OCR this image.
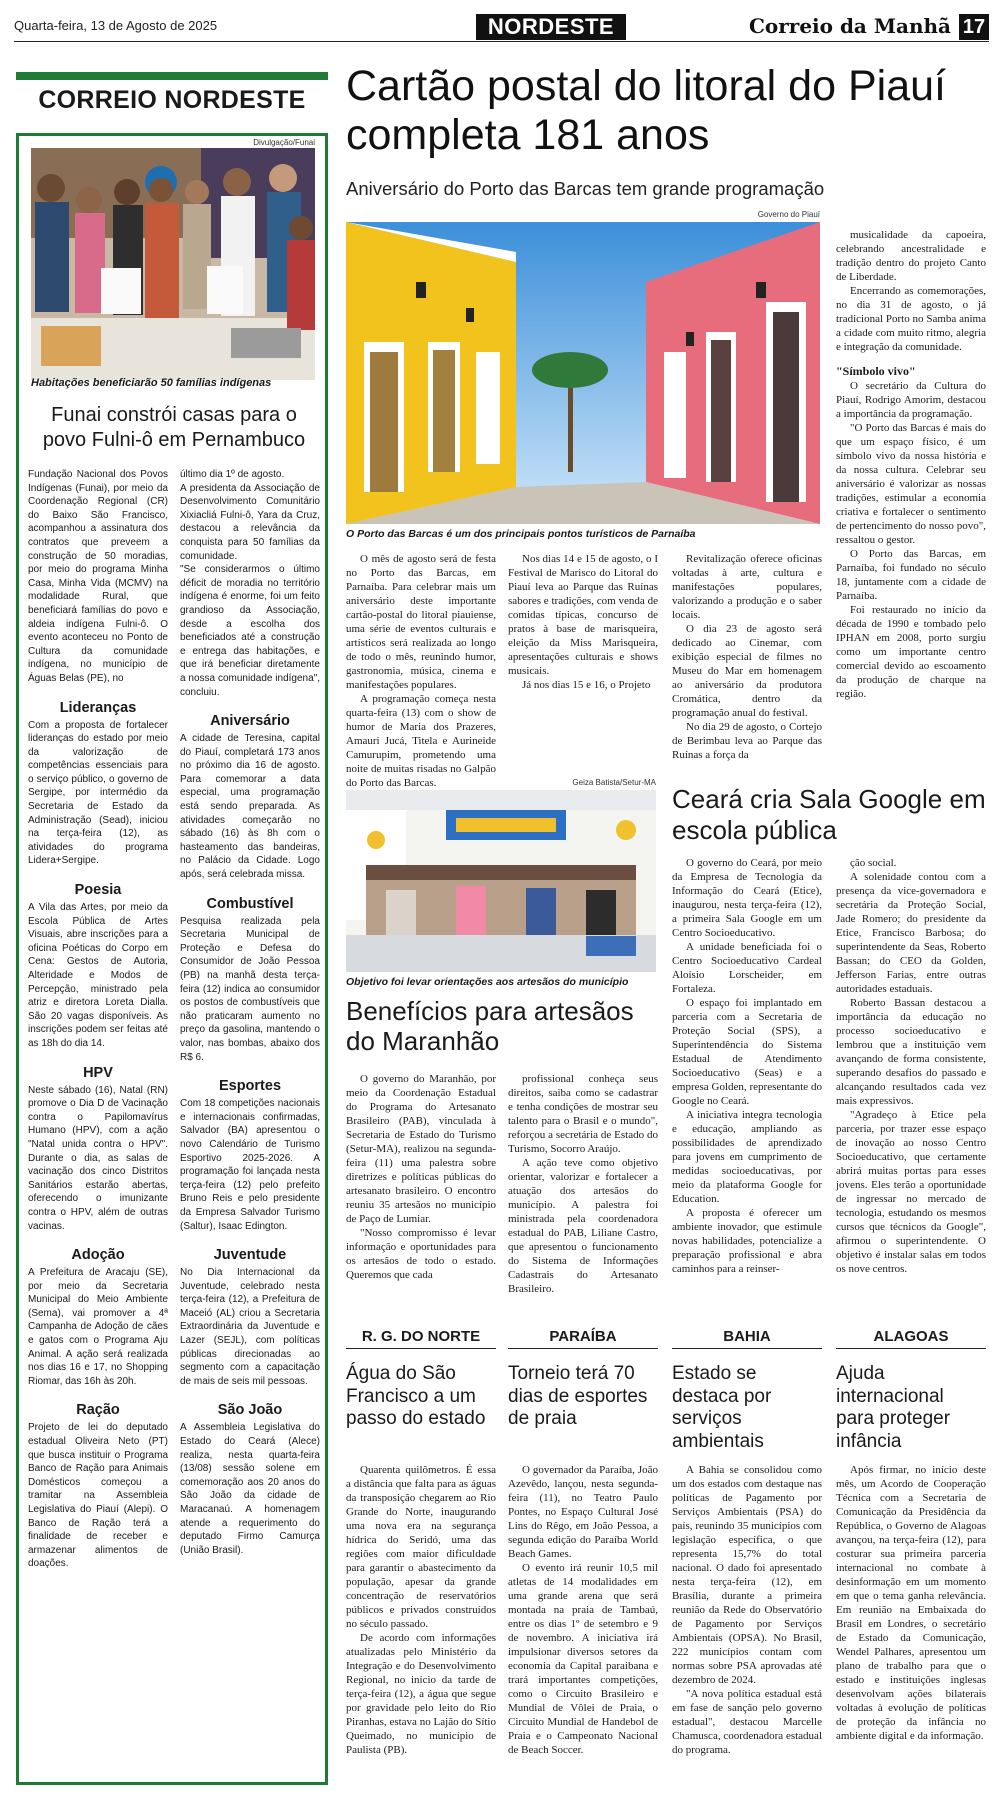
Quarta-feira, 13 de Agosto de 2025	NORDESTE	Correio da Manhã 17
CORREIO NORDESTE
Divulgação/Funai
Habitações beneficiarão 50 famílias indígenas
Funai constrói casas para o povo Fulni-ô em Pernambuco
Fundação Nacional dos Povos Indígenas (Funai), por meio da Coordenação Regional (CR) do Baixo São Francisco, acompanhou a assinatura dos contratos que preveem a construção de 50 moradias, por meio do programa Minha Casa, Minha Vida (MCMV) na modalidade Rural, que beneficiará famílias do povo e aldeia indígena Fulni-ô. O evento aconteceu no Ponto de Cultura da comunidade indígena, no município de Águas Belas (PE), no
Lideranças
Com a proposta de fortalecer lideranças do estado por meio da valorização de competências essenciais para o serviço público, o governo de Sergipe, por intermédio da Secretaria de Estado da Administração (Sead), iniciou na terça-feira (12), as atividades do programa Lidera+Sergipe.
Poesia
A Vila das Artes, por meio da Escola Pública de Artes Visuais, abre inscrições para a oficina Poéticas do Corpo em Cena: Gestos de Autoria, Alteridade e Modos de Percepção, ministrado pela atriz e diretora Loreta Dialla. São 20 vagas disponíveis. As inscrições podem ser feitas até as 18h do dia 14.
HPV
Neste sábado (16), Natal (RN) promove o Dia D de Vacinação contra o Papilomavírus Humano (HPV), com a ação "Natal unida contra o HPV". Durante o dia, as salas de vacinação dos cinco Distritos Sanitários estarão abertas, oferecendo o imunizante contra o HPV, além de outras vacinas.
Adoção
A Prefeitura de Aracaju (SE), por meio da Secretaria Municipal do Meio Ambiente (Sema), vai promover a 4ª Campanha de Adoção de cães e gatos com o Programa Aju Animal. A ação será realizada nos dias 16 e 17, no Shopping Riomar, das 16h às 20h.
Ração
Projeto de lei do deputado estadual Oliveira Neto (PT) que busca instituir o Programa Banco de Ração para Animais Domésticos começou a tramitar na Assembleia Legislativa do Piauí (Alepi). O Banco de Ração terá a finalidade de receber e armazenar alimentos de doações.
último dia 1º de agosto.
A presidenta da Associação de Desenvolvimento Comunitário Xixiacliá Fulni-ô, Yara da Cruz, destacou a relevância da conquista para 50 famílias da comunidade.
"Se considerarmos o último déficit de moradia no território indígena é enorme, foi um feito grandioso da Associação, desde a escolha dos beneficiados até a construção e entrega das habitações, e que irá beneficiar diretamente a nossa comunidade indígena", concluiu.
Aniversário
A cidade de Teresina, capital do Piauí, completará 173 anos no próximo dia 16 de agosto. Para comemorar a data especial, uma programação está sendo preparada. As atividades começarão no sábado (16) às 8h com o hasteamento das bandeiras, no Palácio da Cidade. Logo após, será celebrada missa.
Combustível
Pesquisa realizada pela Secretaria Municipal de Proteção e Defesa do Consumidor de João Pessoa (PB) na manhã desta terça-feira (12) indica ao consumidor os postos de combustíveis que não praticaram aumento no preço da gasolina, mantendo o valor, nas bombas, abaixo dos R$ 6.
Esportes
Com 18 competições nacionais e internacionais confirmadas, Salvador (BA) apresentou o novo Calendário de Turismo Esportivo 2025-2026. A programação foi lançada nesta terça-feira (12) pelo prefeito Bruno Reis e pelo presidente da Empresa Salvador Turismo (Saltur), Isaac Edington.
Juventude
No Dia Internacional da Juventude, celebrado nesta terça-feira (12), a Prefeitura de Maceió (AL) criou a Secretaria Extraordinária da Juventude e Lazer (SEJL), com políticas públicas direcionadas ao segmento com a capacitação de mais de seis mil pessoas.
São João
A Assembleia Legislativa do Estado do Ceará (Alece) realiza, nesta quarta-feira (13/08) sessão solene em comemoração aos 20 anos do São João da cidade de Maracanaú. A homenagem atende a requerimento do deputado Firmo Camurça (União Brasil).
Cartão postal do litoral do Piauí completa 181 anos
Aniversário do Porto das Barcas tem grande programação
Governo do Piauí
O Porto das Barcas é um dos principais pontos turísticos de Parnaíba

O mês de agosto será de festa no Porto das Barcas, em Parnaíba. Para celebrar mais um aniversário deste importante cartão-postal do litoral piauiense, uma série de eventos culturais e artísticos será realizada ao longo de todo o mês, reunindo humor, gastronomia, música, cinema e manifestações populares.

A programação começa nesta quarta-feira (13) com o show de humor de Maria dos Prazeres, Amauri Jucá, Titela e Aurineide Camurupim, prometendo uma noite de muitas risadas no Galpão do Porto das Barcas.

Nos dias 14 e 15 de agosto, o I Festival de Marisco do Litoral do Piauí leva ao Parque das Ruínas sabores e tradições, com venda de comidas típicas, concurso de pratos à base de marisqueira, eleição da Miss Marisqueira, apresentações culturais e shows musicais.

Já nos dias 15 e 16, o Projeto

Revitalização oferece oficinas voltadas à arte, cultura e manifestações populares, valorizando a produção e o saber locais.

O dia 23 de agosto será dedicado ao Cinemar, com exibição especial de filmes no Museu do Mar em homenagem ao aniversário da produtora Cromática, dentro da programação anual do festival.

No dia 29 de agosto, o Cortejo de Berimbau leva ao Parque das Ruínas a força da

musicalidade da capoeira, celebrando ancestralidade e tradição dentro do projeto Canto de Liberdade.

Encerrando as comemorações, no dia 31 de agosto, o já tradicional Porto no Samba anima a cidade com muito ritmo, alegria e integração da comunidade.

"Símbolo vivo"

O secretário da Cultura do Piauí, Rodrigo Amorim, destacou a importância da programação.

"O Porto das Barcas é mais do que um espaço físico, é um símbolo vivo da nossa história e da nossa cultura. Celebrar seu aniversário é valorizar as nossas tradições, estimular a economia criativa e fortalecer o sentimento de pertencimento do nosso povo", ressaltou o gestor.

O Porto das Barcas, em Parnaíba, foi fundado no século 18, juntamente com a cidade de Parnaíba.

Foi restaurado no início da década de 1990 e tombado pelo IPHAN em 2008, porto surgiu como um importante centro comercial devido ao escoamento da produção de charque na região.

Geiza Batista/Setur-MA
Objetivo foi levar orientações aos artesãos do município
Benefícios para artesãos do Maranhão

O governo do Maranhão, por meio da Coordenação Estadual do Programa do Artesanato Brasileiro (PAB), vinculada à Secretaria de Estado do Turismo (Setur-MA), realizou na segunda-feira (11) uma palestra sobre diretrizes e políticas públicas do artesanato brasileiro. O encontro reuniu 35 artesãos no município de Paço de Lumiar.

"Nosso compromisso é levar informação e oportunidades para os artesãos de todo o estado. Queremos que cada

profissional conheça seus direitos, saiba como se cadastrar e tenha condições de mostrar seu talento para o Brasil e o mundo", reforçou a secretária de Estado do Turismo, Socorro Araújo.

A ação teve como objetivo orientar, valorizar e fortalecer a atuação dos artesãos do município. A palestra foi ministrada pela coordenadora estadual do PAB, Liliane Castro, que apresentou o funcionamento do Sistema de Informações Cadastrais do Artesanato Brasileiro.

Ceará cria Sala Google em escola pública

O governo do Ceará, por meio da Empresa de Tecnologia da Informação do Ceará (Etice), inaugurou, nesta terça-feira (12), a primeira Sala Google em um Centro Socioeducativo.

A unidade beneficiada foi o Centro Socioeducativo Cardeal Aloísio Lorscheider, em Fortaleza.

O espaço foi implantado em parceria com a Secretaria de Proteção Social (SPS), a Superintendência do Sistema Estadual de Atendimento Socioeducativo (Seas) e a empresa Golden, representante do Google no Ceará.

A iniciativa integra tecnologia e educação, ampliando as possibilidades de aprendizado para jovens em cumprimento de medidas socioeducativas, por meio da plataforma Google for Education.

A proposta é oferecer um ambiente inovador, que estimule novas habilidades, potencialize a preparação profissional e abra caminhos para a reinser-

ção social.

A solenidade contou com a presença da vice-governadora e secretária da Proteção Social, Jade Romero; do presidente da Etice, Francisco Barbosa; do superintendente da Seas, Roberto Bassan; do CEO da Golden, Jefferson Farias, entre outras autoridades estaduais.

Roberto Bassan destacou a importância da educação no processo socioeducativo e lembrou que a instituição vem avançando de forma consistente, superando desafios do passado e alcançando resultados cada vez mais expressivos.

"Agradeço à Etice pela parceria, por trazer esse espaço de inovação ao nosso Centro Socioeducativo, que certamente abrirá muitas portas para esses jovens. Eles terão a oportunidade de ingressar no mercado de tecnologia, estudando os mesmos cursos que técnicos da Google", afirmou o superintendente. O objetivo é instalar salas em todos os nove centros.

R. G. DO NORTE
Água do São Francisco a um passo do estado

Quarenta quilômetros. É essa a distância que falta para as águas da transposição chegarem ao Rio Grande do Norte, inaugurando uma nova era na segurança hídrica do Seridó, uma das regiões com maior dificuldade para garantir o abastecimento da população, apesar da grande concentração de reservatórios públicos e privados construídos no século passado.

De acordo com informações atualizadas pelo Ministério da Integração e do Desenvolvimento Regional, no início da tarde de terça-feira (12), a água que segue por gravidade pelo leito do Rio Piranhas, estava no Lajão do Sítio Queimado, no município de Paulista (PB).

PARAÍBA
Torneio terá 70 dias de esportes de praia

O governador da Paraíba, João Azevêdo, lançou, nesta segunda-feira (11), no Teatro Paulo Pontes, no Espaço Cultural José Lins do Rêgo, em João Pessoa, a segunda edição do Paraíba World Beach Games.

O evento irá reunir 10,5 mil atletas de 14 modalidades em uma grande arena que será montada na praia de Tambaú, entre os dias 1º de setembro e 9 de novembro. A iniciativa irá impulsionar diversos setores da economia da Capital paraibana e trará importantes competições, como o Circuito Brasileiro e Mundial de Vôlei de Praia, o Circuito Mundial de Handebol de Praia e o Campeonato Nacional de Beach Soccer.

BAHIA
Estado se destaca por serviços ambientais

A Bahia se consolidou como um dos estados com destaque nas políticas de Pagamento por Serviços Ambientais (PSA) do país, reunindo 35 municípios com legislação específica, o que representa 15,7% do total nacional. O dado foi apresentado nesta terça-feira (12), em Brasília, durante a primeira reunião da Rede do Observatório de Pagamento por Serviços Ambientais (OPSA). No Brasil, 222 municípios contam com normas sobre PSA aprovadas até dezembro de 2024.

"A nova política estadual está em fase de sanção pelo governo estadual", destacou Marcelle Chamusca, coordenadora estadual do programa.

ALAGOAS
Ajuda internacional para proteger infância

Após firmar, no início deste mês, um Acordo de Cooperação Técnica com a Secretaria de Comunicação da Presidência da República, o Governo de Alagoas avançou, na terça-feira (12), para costurar sua primeira parceria internacional no combate à desinformação em um momento em que o tema ganha relevância. Em reunião na Embaixada do Brasil em Londres, o secretário de Estado da Comunicação, Wendel Palhares, apresentou um plano de trabalho para que o estado e instituições inglesas desenvolvam ações bilaterais voltadas à evolução de políticas de proteção da infância no ambiente digital e da informação.
